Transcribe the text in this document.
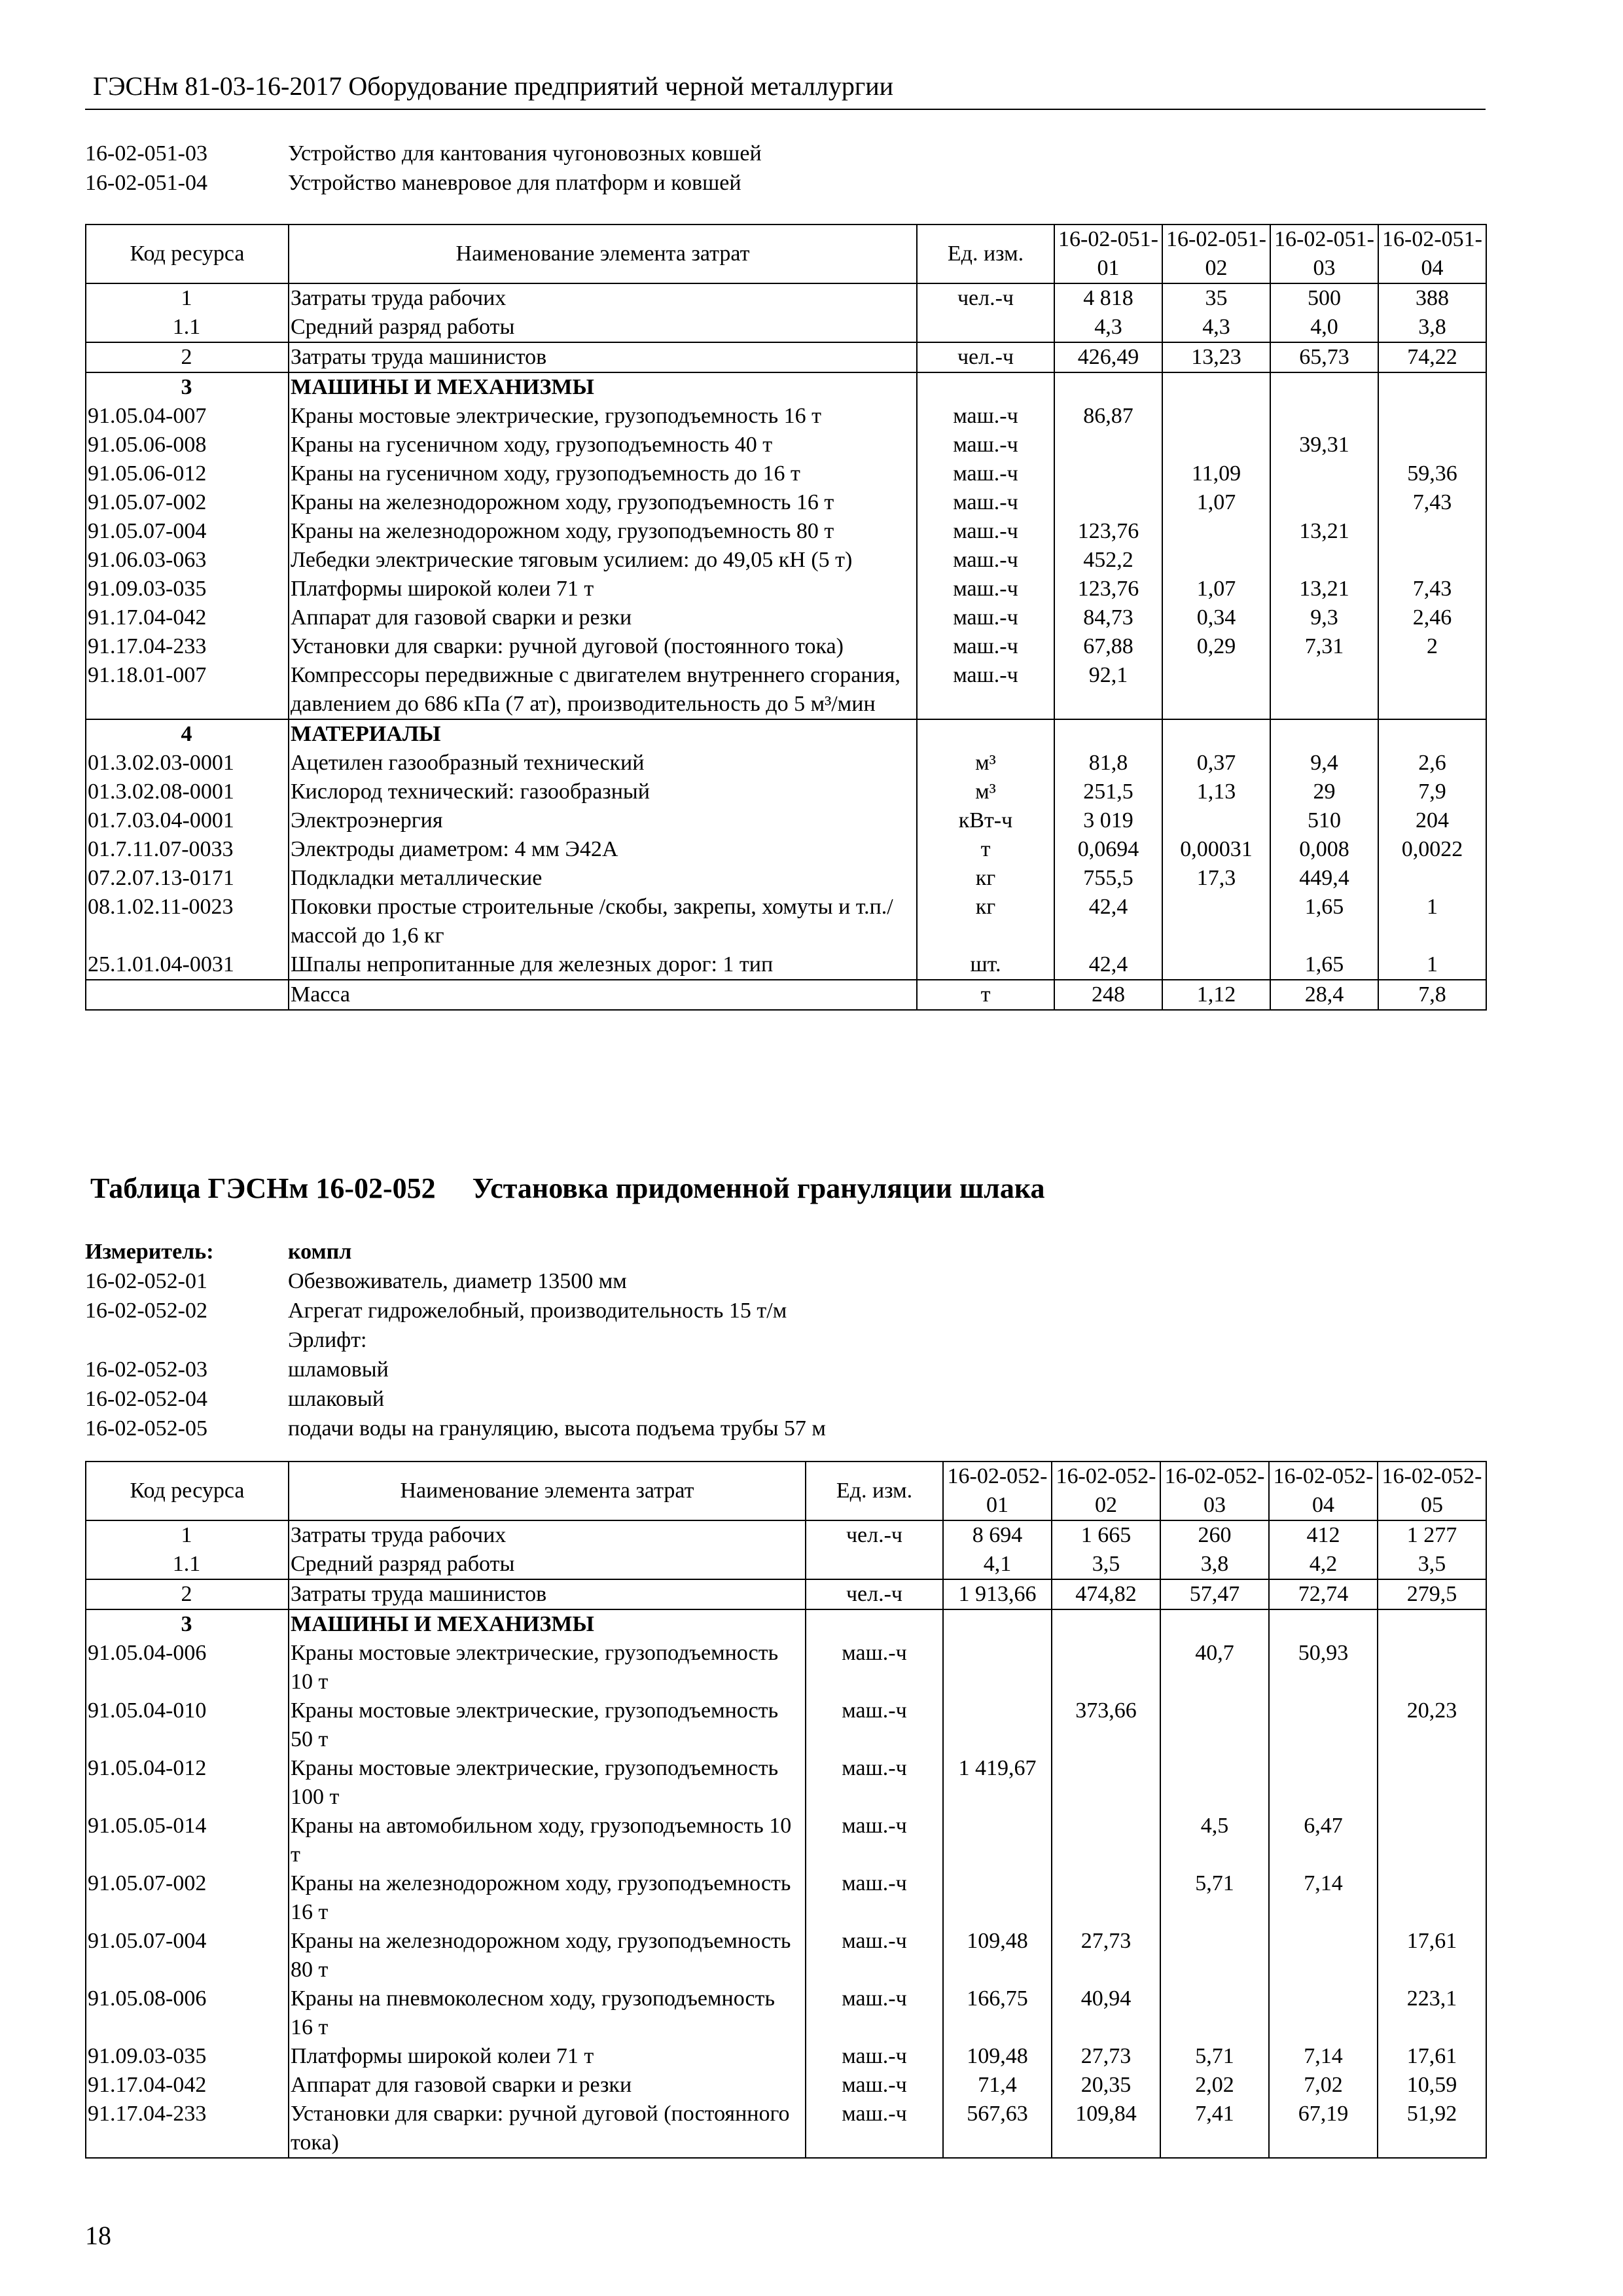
ГЭСНм 81-03-16-2017 Оборудование предприятий черной металлургии
16-02-051-03	Устройство для кантования чугоновозных ковшей
16-02-051-04	Устройство маневровое для платформ и ковшей
Код ресурса	Наименование элемента затрат	Ед. изм.	16-02-051-01	16-02-051-02	16-02-051-03	16-02-051-04
1	Затраты труда рабочих	чел.-ч	4 818	35	500	388
1.1	Средний разряд работы		4,3	4,3	4,0	3,8
2	Затраты труда машинистов	чел.-ч	426,49	13,23	65,73	74,22
3	МАШИНЫ И МЕХАНИЗМЫ					
91.05.04-007	Краны мостовые электрические, грузоподъемность 16 т	маш.-ч	86,87			
91.05.06-008	Краны на гусеничном ходу, грузоподъемность 40 т	маш.-ч			39,31	
91.05.06-012	Краны на гусеничном ходу, грузоподъемность до 16 т	маш.-ч		11,09		59,36
91.05.07-002	Краны на железнодорожном ходу, грузоподъемность 16 т	маш.-ч		1,07		7,43
91.05.07-004	Краны на железнодорожном ходу, грузоподъемность 80 т	маш.-ч	123,76		13,21	
91.06.03-063	Лебедки электрические тяговым усилием: до 49,05 кН (5 т)	маш.-ч	452,2			
91.09.03-035	Платформы широкой колеи 71 т	маш.-ч	123,76	1,07	13,21	7,43
91.17.04-042	Аппарат для газовой сварки и резки	маш.-ч	84,73	0,34	9,3	2,46
91.17.04-233	Установки для сварки: ручной дуговой (постоянного тока)	маш.-ч	67,88	0,29	7,31	2
91.18.01-007	Компрессоры передвижные с двигателем внутреннего сгорания, давлением до 686 кПа (7 ат), производительность до 5 м³/мин	маш.-ч	92,1			
4	МАТЕРИАЛЫ					
01.3.02.03-0001	Ацетилен газообразный технический	м³	81,8	0,37	9,4	2,6
01.3.02.08-0001	Кислород технический: газообразный	м³	251,5	1,13	29	7,9
01.7.03.04-0001	Электроэнергия	кВт-ч	3 019		510	204
01.7.11.07-0033	Электроды диаметром: 4 мм Э42А	т	0,0694	0,00031	0,008	0,0022
07.2.07.13-0171	Подкладки металлические	кг	755,5	17,3	449,4	
08.1.02.11-0023	Поковки простые строительные /скобы, закрепы, хомуты и т.п./ массой до 1,6 кг	кг	42,4		1,65	1
25.1.01.04-0031	Шпалы непропитанные для железных дорог: 1 тип	шт.	42,4		1,65	1
	Масса	т	248	1,12	28,4	7,8
Таблица ГЭСНм 16-02-052 Установка придоменной грануляции шлака
Измеритель:	компл
16-02-052-01	Обезвоживатель, диаметр 13500 мм
16-02-052-02	Агрегат гидрожелобный, производительность 15 т/м
Эрлифт:
16-02-052-03	шламовый
16-02-052-04	шлаковый
16-02-052-05	подачи воды на грануляцию, высота подъема трубы 57 м
Код ресурса	Наименование элемента затрат	Ед. изм.	16-02-052-01	16-02-052-02	16-02-052-03	16-02-052-04	16-02-052-05
1	Затраты труда рабочих	чел.-ч	8 694	1 665	260	412	1 277
1.1	Средний разряд работы		4,1	3,5	3,8	4,2	3,5
2	Затраты труда машинистов	чел.-ч	1 913,66	474,82	57,47	72,74	279,5
3	МАШИНЫ И МЕХАНИЗМЫ						
91.05.04-006	Краны мостовые электрические, грузоподъемность 10 т	маш.-ч			40,7	50,93	
91.05.04-010	Краны мостовые электрические, грузоподъемность 50 т	маш.-ч		373,66			20,23
91.05.04-012	Краны мостовые электрические, грузоподъемность 100 т	маш.-ч	1 419,67				
91.05.05-014	Краны на автомобильном ходу, грузоподъемность 10 т	маш.-ч			4,5	6,47	
91.05.07-002	Краны на железнодорожном ходу, грузоподъемность 16 т	маш.-ч			5,71	7,14	
91.05.07-004	Краны на железнодорожном ходу, грузоподъемность 80 т	маш.-ч	109,48	27,73			17,61
91.05.08-006	Краны на пневмоколесном ходу, грузоподъемность 16 т	маш.-ч	166,75	40,94			223,1
91.09.03-035	Платформы широкой колеи 71 т	маш.-ч	109,48	27,73	5,71	7,14	17,61
91.17.04-042	Аппарат для газовой сварки и резки	маш.-ч	71,4	20,35	2,02	7,02	10,59
91.17.04-233	Установки для сварки: ручной дуговой (постоянного тока)	маш.-ч	567,63	109,84	7,41	67,19	51,92
18
